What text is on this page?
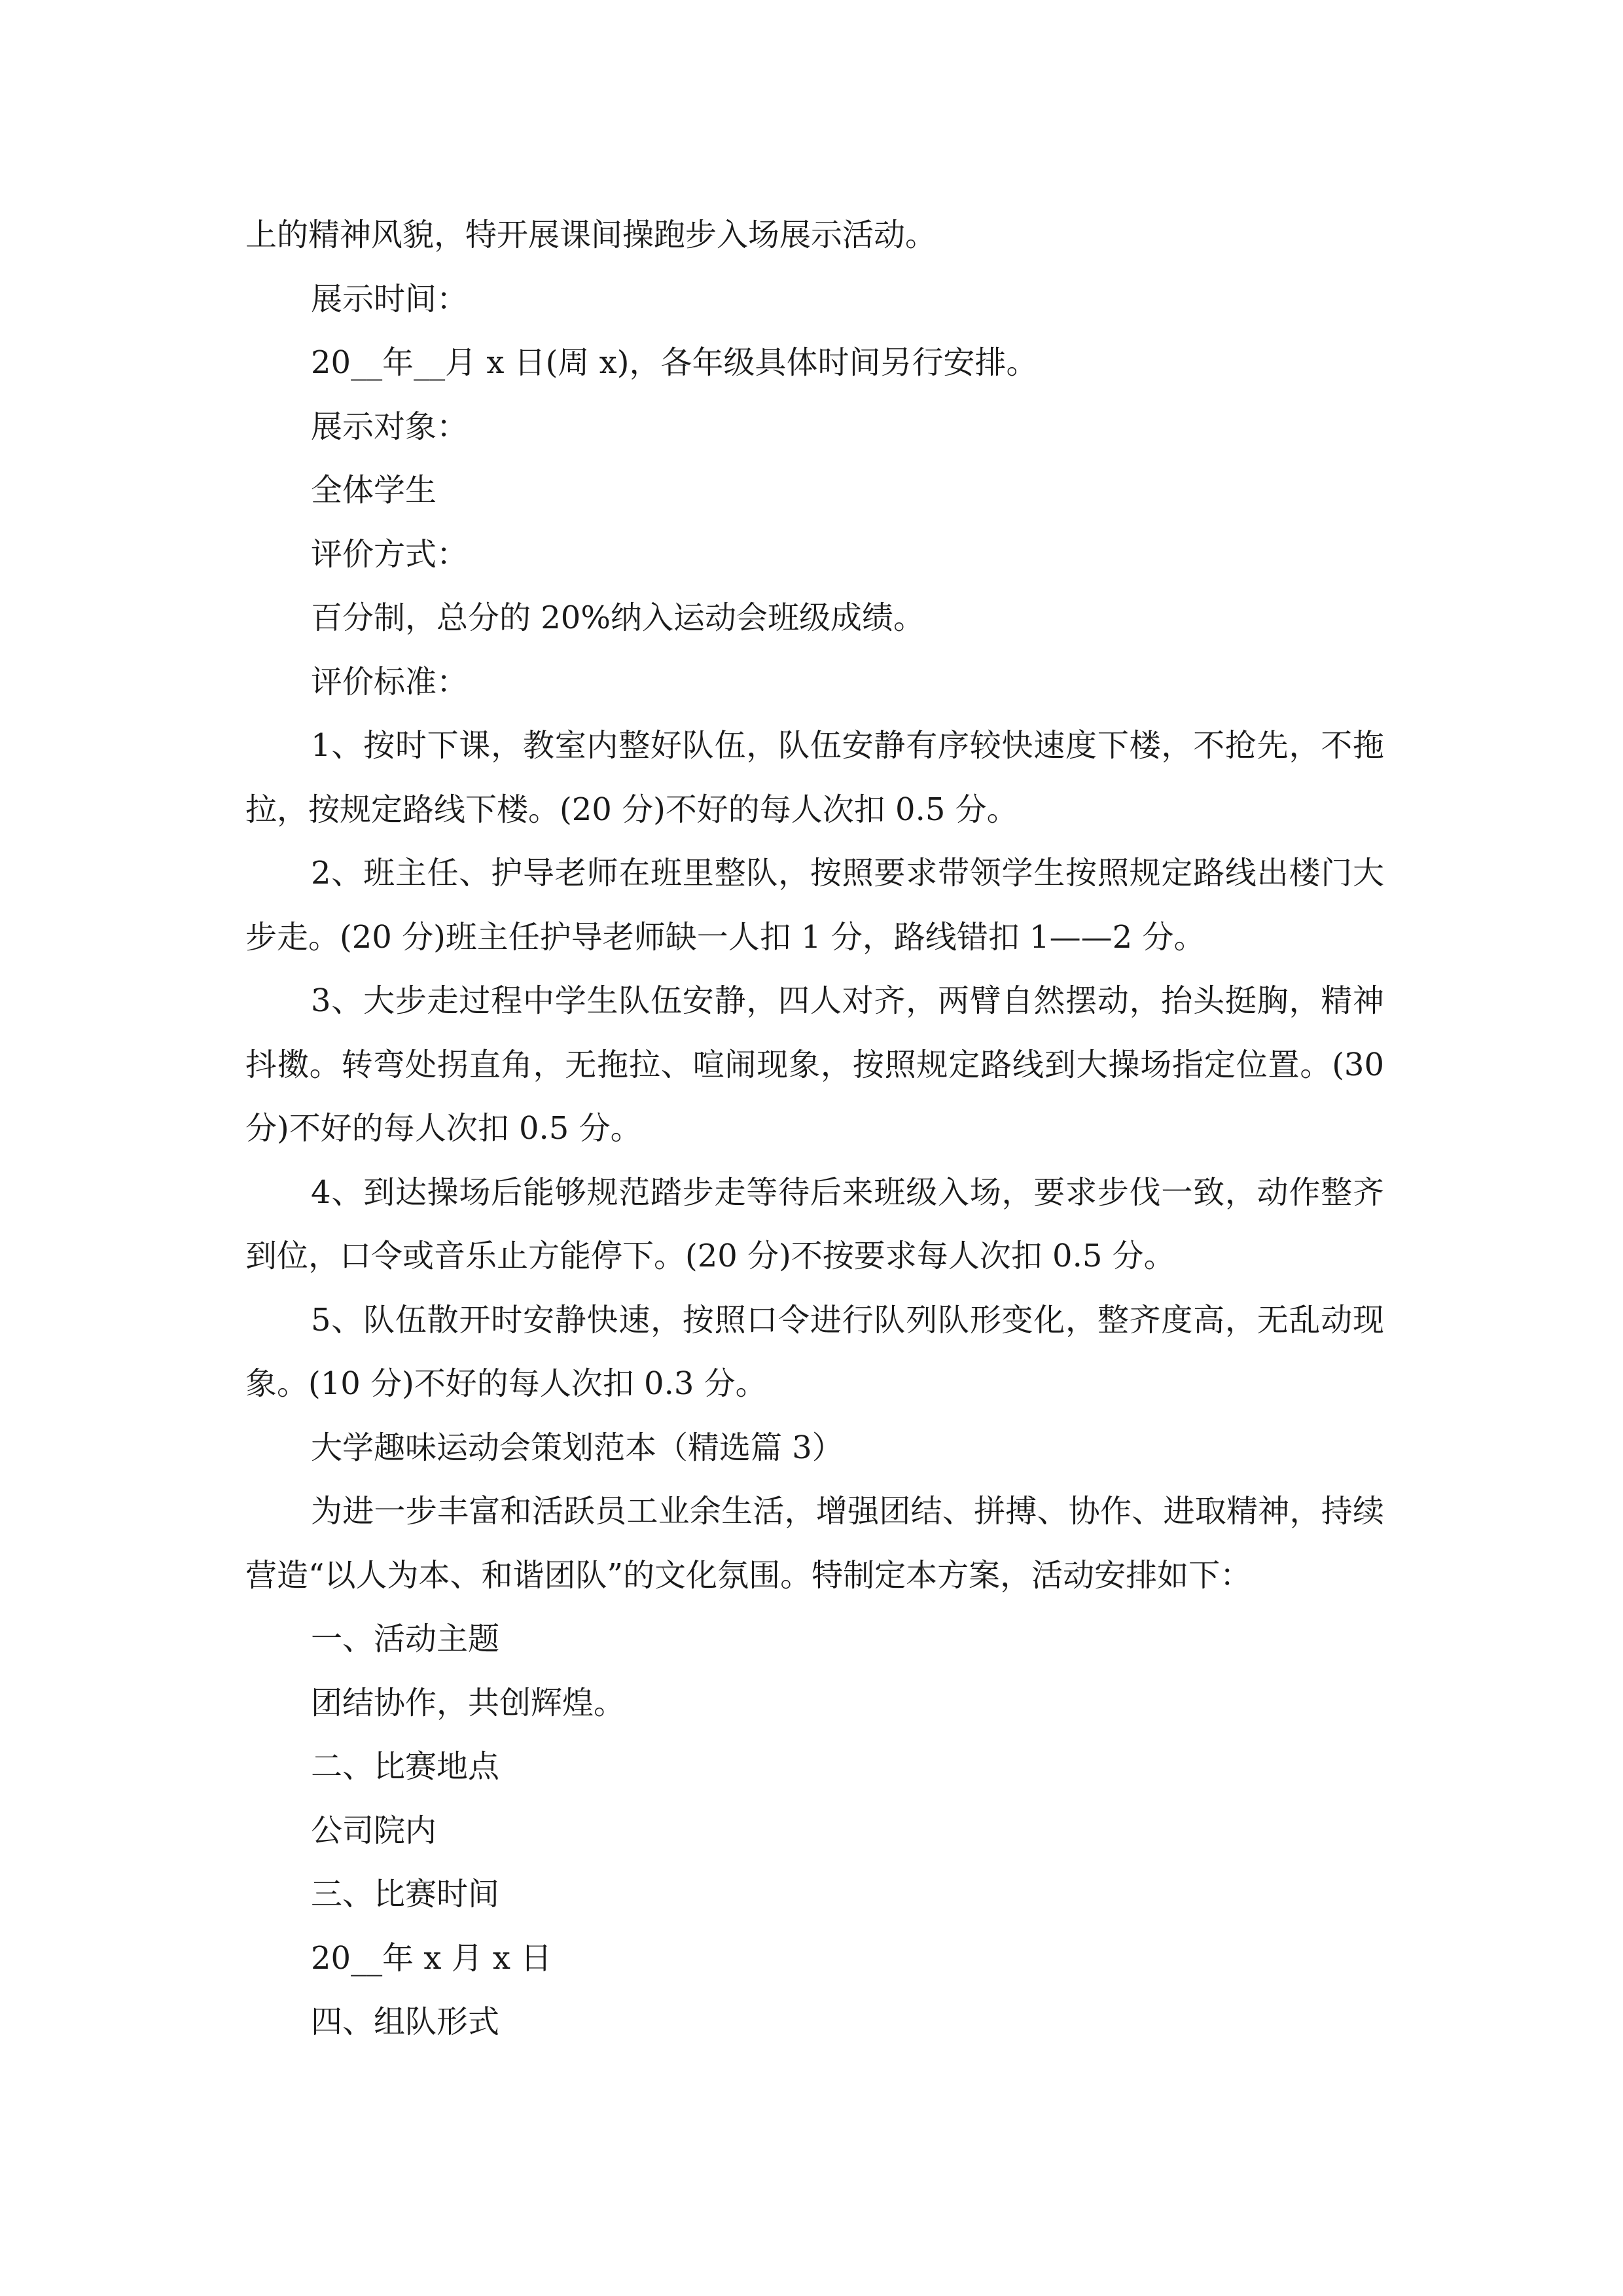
上的精神风貌，特开展课间操跑步入场展示活动。

展示时间：

20__年__月 x 日(周 x)，各年级具体时间另行安排。

展示对象：

全体学生

评价方式：

百分制，总分的 20%纳入运动会班级成绩。

评价标准：

1、按时下课，教室内整好队伍，队伍安静有序较快速度下楼，不抢先，不拖拉，按规定路线下楼。(20 分)不好的每人次扣 0.5 分。

2、班主任、护导老师在班里整队，按照要求带领学生按照规定路线出楼门大步走。(20 分)班主任护导老师缺一人扣 1 分，路线错扣 1——2 分。

3、大步走过程中学生队伍安静，四人对齐，两臂自然摆动，抬头挺胸，精神抖擞。转弯处拐直角，无拖拉、喧闹现象，按照规定路线到大操场指定位置。(30 分)不好的每人次扣 0.5 分。

4、到达操场后能够规范踏步走等待后来班级入场，要求步伐一致，动作整齐到位，口令或音乐止方能停下。(20 分)不按要求每人次扣 0.5 分。

5、队伍散开时安静快速，按照口令进行队列队形变化，整齐度高，无乱动现象。(10 分)不好的每人次扣 0.3 分。

大学趣味运动会策划范本（精选篇 3）

为进一步丰富和活跃员工业余生活，增强团结、拼搏、协作、进取精神，持续营造“以人为本、和谐团队”的文化氛围。特制定本方案，活动安排如下：

一、活动主题

团结协作，共创辉煌。

二、比赛地点

公司院内

三、比赛时间

20__年 x 月 x 日

四、组队形式
